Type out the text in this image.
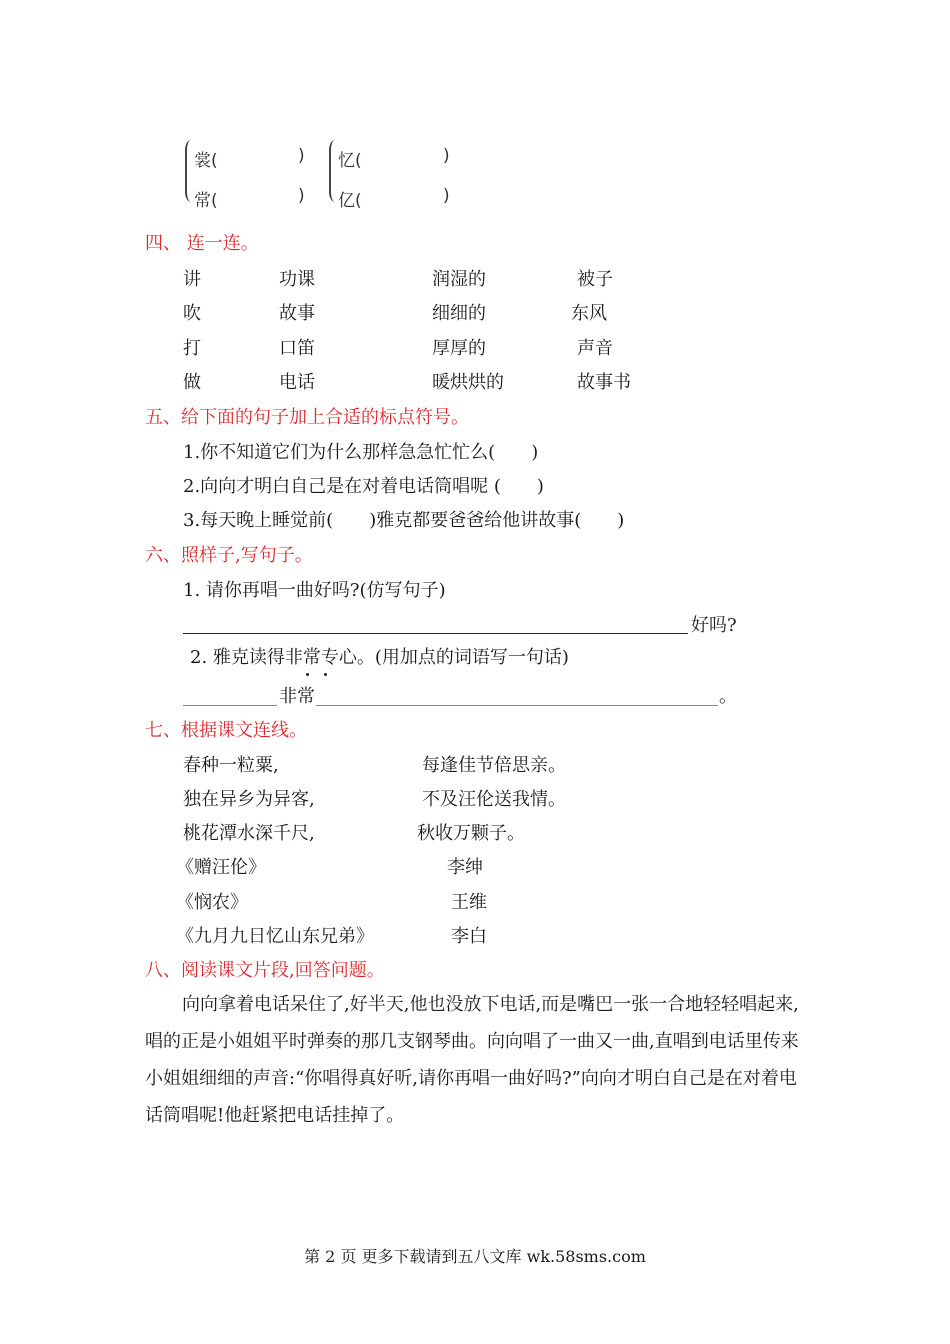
裳(	)
常(	)
忆(	)
亿(	)
四、 连一连。
讲	功课	润湿的	被子
吹	故事	细细的	东风
打	口笛	厚厚的	声音
做	电话	暖烘烘的	故事书
五、给下面的句子加上合适的标点符号。
1.你不知道它们为什么那样急急忙忙么(　　)
2.向向才明白自己是在对着电话筒唱呢 (　　)
3.每天晚上睡觉前(　　)雅克都要爸爸给他讲故事(　　)
六、照样子,写句子。
1. 请你再唱一曲好吗?(仿写句子)
好吗?
2. 雅克读得非常专心。(用加点的词语写一句话)
非常	。
七、根据课文连线。
春种一粒粟,	每逢佳节倍思亲。
独在异乡为异客,	不及汪伦送我情。
桃花潭水深千尺,	秋收万颗子。
《赠汪伦》	李绅
《悯农》	王维
《九月九日忆山东兄弟》	李白
八、阅读课文片段,回答问题。
向向拿着电话呆住了,好半天,他也没放下电话,而是嘴巴一张一合地轻轻唱起来,唱的正是小姐姐平时弹奏的那几支钢琴曲。向向唱了一曲又一曲,直唱到电话里传来小姐姐细细的声音:“你唱得真好听,请你再唱一曲好吗?”向向才明白自己是在对着电话筒唱呢!他赶紧把电话挂掉了。
第 2 页 更多下载请到五八文库 wk.58sms.com
